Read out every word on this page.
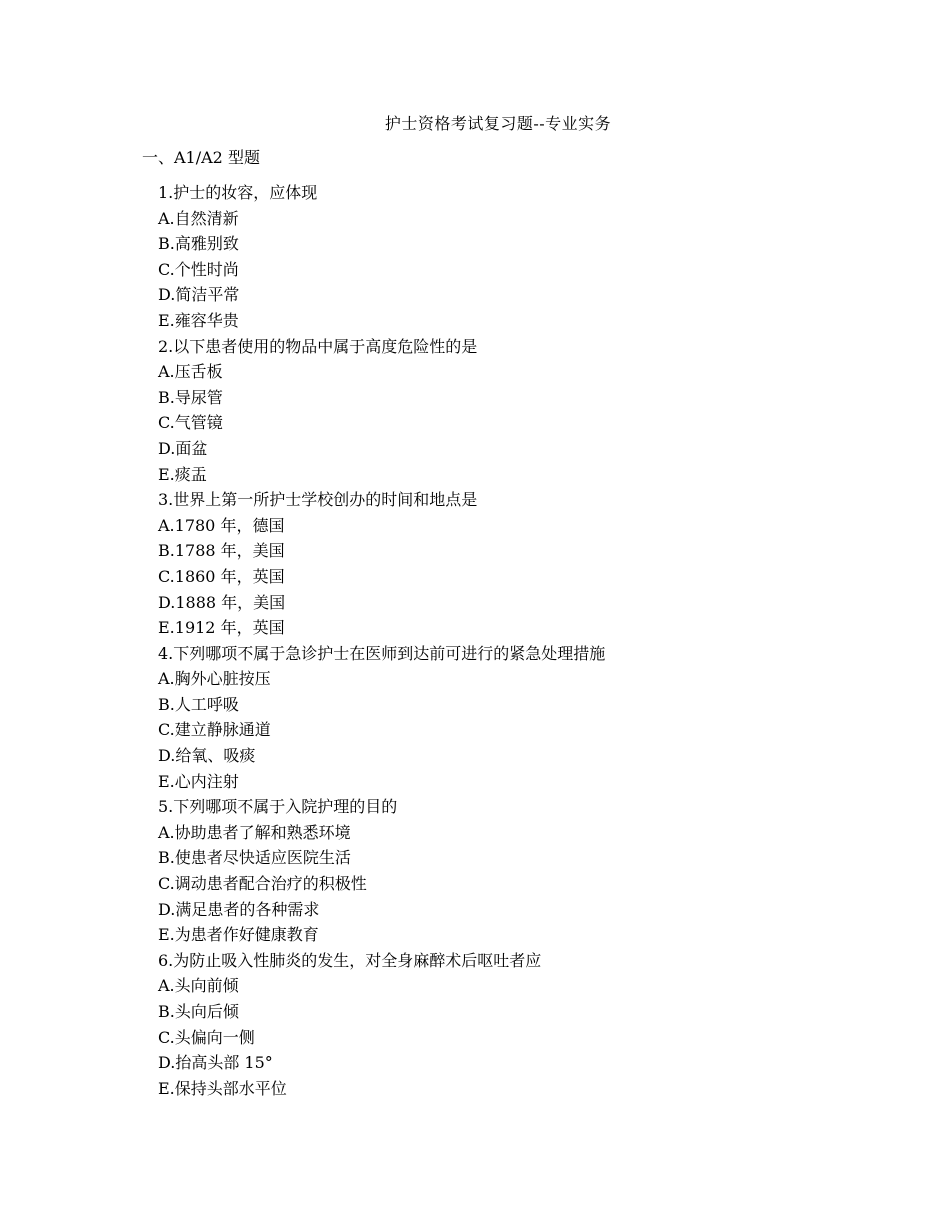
护士资格考试复习题--专业实务
一、A1/A2 型题
1.护士的妆容，应体现
A.自然清新
B.高雅别致
C.个性时尚
D.简洁平常
E.雍容华贵
2.以下患者使用的物品中属于高度危险性的是
A.压舌板
B.导尿管
C.气管镜
D.面盆
E.痰盂
3.世界上第一所护士学校创办的时间和地点是
A.1780 年，德国
B.1788 年，美国
C.1860 年，英国
D.1888 年，美国
E.1912 年，英国
4.下列哪项不属于急诊护士在医师到达前可进行的紧急处理措施
A.胸外心脏按压
B.人工呼吸
C.建立静脉通道
D.给氧、吸痰
E.心内注射
5.下列哪项不属于入院护理的目的
A.协助患者了解和熟悉环境
B.使患者尽快适应医院生活
C.调动患者配合治疗的积极性
D.满足患者的各种需求
E.为患者作好健康教育
6.为防止吸入性肺炎的发生，对全身麻醉术后呕吐者应
A.头向前倾
B.头向后倾
C.头偏向一侧
D.抬高头部 15°
E.保持头部水平位
